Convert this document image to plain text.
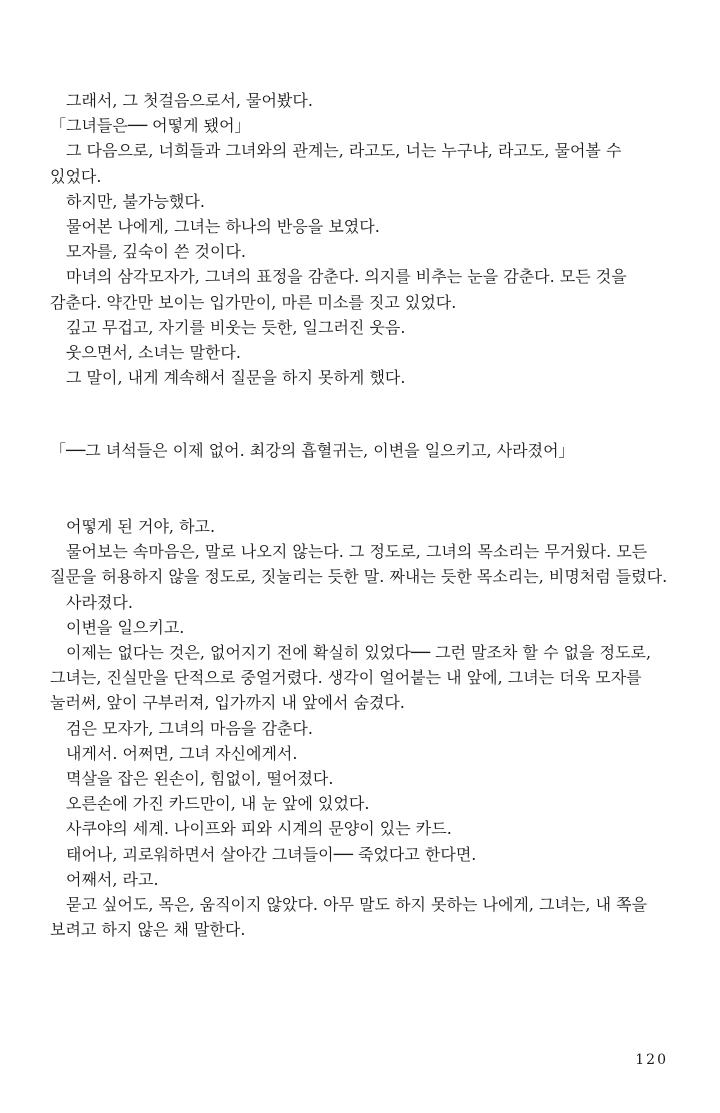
그래서, 그 첫걸음으로서, 물어봤다.

「그녀들은── 어떻게 됐어」

그 다음으로, 너희들과 그녀와의 관계는, 라고도, 너는 누구냐, 라고도, 물어볼 수 있었다.

하지만, 불가능했다.

물어본 나에게, 그녀는 하나의 반응을 보였다.

모자를, 깊숙이 쓴 것이다.

마녀의 삼각모자가, 그녀의 표정을 감춘다. 의지를 비추는 눈을 감춘다. 모든 것을 감춘다. 약간만 보이는 입가만이, 마른 미소를 짓고 있었다.

깊고 무겁고, 자기를 비웃는 듯한, 일그러진 웃음.

웃으면서, 소녀는 말한다.

그 말이, 내게 계속해서 질문을 하지 못하게 했다.

「──그 녀석들은 이제 없어. 최강의 흡혈귀는, 이변을 일으키고, 사라졌어」

어떻게 된 거야, 하고.

물어보는 속마음은, 말로 나오지 않는다. 그 정도로, 그녀의 목소리는 무거웠다. 모든 질문을 허용하지 않을 정도로, 짓눌리는 듯한 말. 짜내는 듯한 목소리는, 비명처럼 들렸다.

사라졌다.

이변을 일으키고.

이제는 없다는 것은, 없어지기 전에 확실히 있었다── 그런 말조차 할 수 없을 정도로, 그녀는, 진실만을 단적으로 중얼거렸다. 생각이 얼어붙는 내 앞에, 그녀는 더욱 모자를 눌러써, 앞이 구부러져, 입가까지 내 앞에서 숨겼다.

검은 모자가, 그녀의 마음을 감춘다.

내게서. 어쩌면, 그녀 자신에게서.

멱살을 잡은 왼손이, 힘없이, 떨어졌다.

오른손에 가진 카드만이, 내 눈 앞에 있었다.

사쿠야의 세계. 나이프와 피와 시계의 문양이 있는 카드.

태어나, 괴로워하면서 살아간 그녀들이── 죽었다고 한다면.

어째서, 라고.

묻고 싶어도, 목은, 움직이지 않았다. 아무 말도 하지 못하는 나에게, 그녀는, 내 쪽을 보려고 하지 않은 채 말한다.

120
